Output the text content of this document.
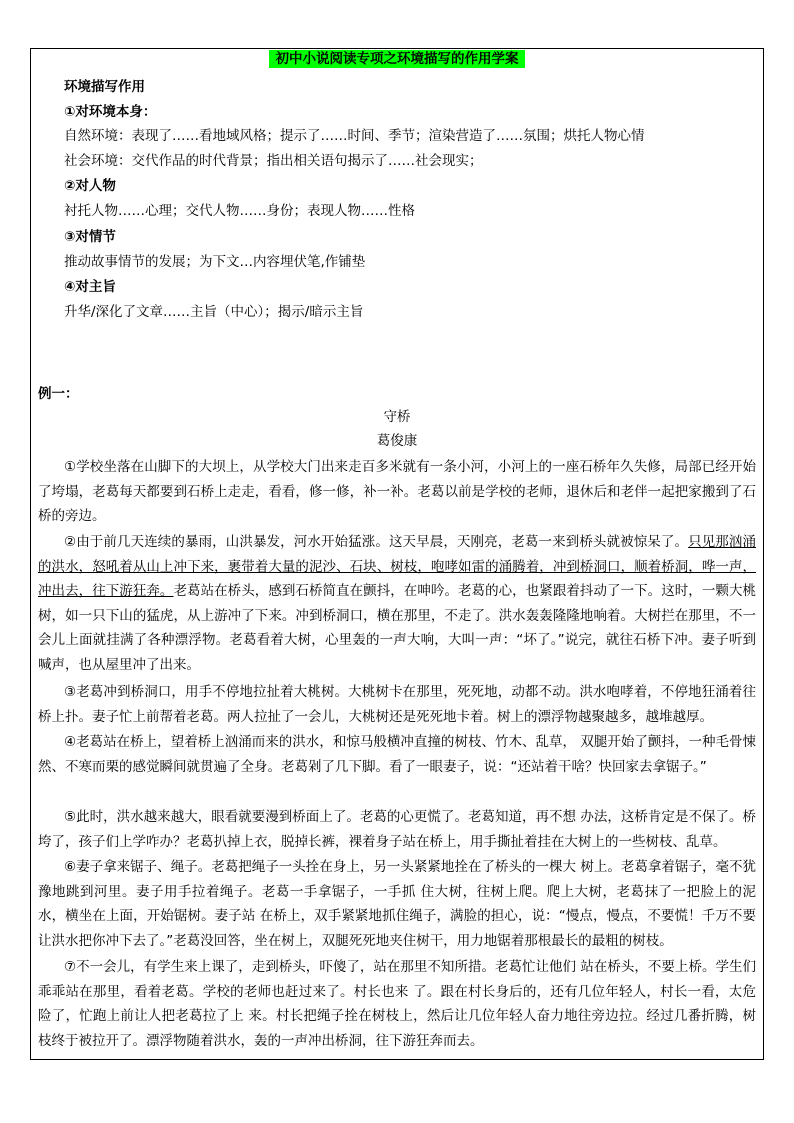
初中小说阅读专项之环境描写的作用学案
环境描写作用
①对环境本身：
自然环境：表现了……看地域风格；提示了……时间、季节；渲染营造了……氛围；烘托人物心情
社会环境：交代作品的时代背景；指出相关语句揭示了……社会现实；
②对人物
衬托人物……心理；交代人物……身份；表现人物……性格
③对情节
推动故事情节的发展；为下文…内容埋伏笔,作铺垫
④对主旨
升华/深化了文章……主旨（中心）；揭示/暗示主旨
例一：
守桥
葛俊康
①学校坐落在山脚下的大坝上，从学校大门出来走百多米就有一条小河，小河上的一座石桥年久失修，局部已经开始了垮塌，老葛每天都要到石桥上走走，看看，修一修，补一补。老葛以前是学校的老师，退休后和老伴一起把家搬到了石桥的旁边。
②由于前几天连续的暴雨，山洪暴发，河水开始猛涨。这天早晨，天刚亮，老葛一来到桥头就被惊呆了。只见那汹涌的洪水，怒吼着从山上冲下来，裹带着大量的泥沙、石块、树枝，咆哮如雷的涌腾着，冲到桥洞口，顺着桥洞，哗一声，冲出去，往下游狂奔。老葛站在桥头，感到石桥简直在颤抖，在呻吟。老葛的心，也紧跟着抖动了一下。这时，一颗大桃树，如一只下山的猛虎，从上游冲了下来。冲到桥洞口，横在那里，不走了。洪水轰轰隆隆地响着。大树拦在那里，不一会儿上面就挂满了各种漂浮物。老葛看着大树，心里轰的一声大响，大叫一声：“坏了。”说完，就往石桥下冲。妻子听到喊声，也从屋里冲了出来。
③老葛冲到桥洞口，用手不停地拉扯着大桃树。大桃树卡在那里，死死地，动都不动。洪水咆哮着，不停地狂涌着往桥上扑。妻子忙上前帮着老葛。两人拉扯了一会儿，大桃树还是死死地卡着。树上的漂浮物越聚越多，越堆越厚。
④老葛站在桥上，望着桥上汹涌而来的洪水，和惊马般横冲直撞的树枝、竹木、乱草， 双腿开始了颤抖，一种毛骨悚然、不寒而栗的感觉瞬间就贯遍了全身。老葛剁了几下脚。看了一眼妻子，说：“还站着干啥？快回家去拿锯子。”
⑤此时，洪水越来越大，眼看就要漫到桥面上了。老葛的心更慌了。老葛知道，再不想 办法，这桥肯定是不保了。桥垮了，孩子们上学咋办？老葛扒掉上衣，脱掉长裤，裸着身子站在桥上，用手撕扯着挂在大树上的一些树枝、乱草。
⑥妻子拿来锯子、绳子。老葛把绳子一头拴在身上，另一头紧紧地拴在了桥头的一棵大 树上。老葛拿着锯子，毫不犹豫地跳到河里。妻子用手拉着绳子。老葛一手拿锯子，一手抓 住大树，往树上爬。爬上大树，老葛抹了一把脸上的泥水，横坐在上面，开始锯树。妻子站 在桥上，双手紧紧地抓住绳子，满脸的担心，说：“慢点，慢点，不要慌！千万不要让洪水把你冲下去了。”老葛没回答，坐在树上，双腿死死地夹住树干，用力地锯着那根最长的最粗的树枝。
⑦不一会儿，有学生来上课了，走到桥头，吓傻了，站在那里不知所措。老葛忙让他们 站在桥头，不要上桥。学生们乖乖站在那里，看着老葛。学校的老师也赶过来了。村长也来 了。跟在村长身后的，还有几位年轻人，村长一看，太危险了，忙跑上前让人把老葛拉了上 来。村长把绳子拴在树枝上，然后让几位年轻人奋力地往旁边拉。经过几番折腾，树枝终于被拉开了。漂浮物随着洪水，轰的一声冲出桥洞，往下游狂奔而去。
